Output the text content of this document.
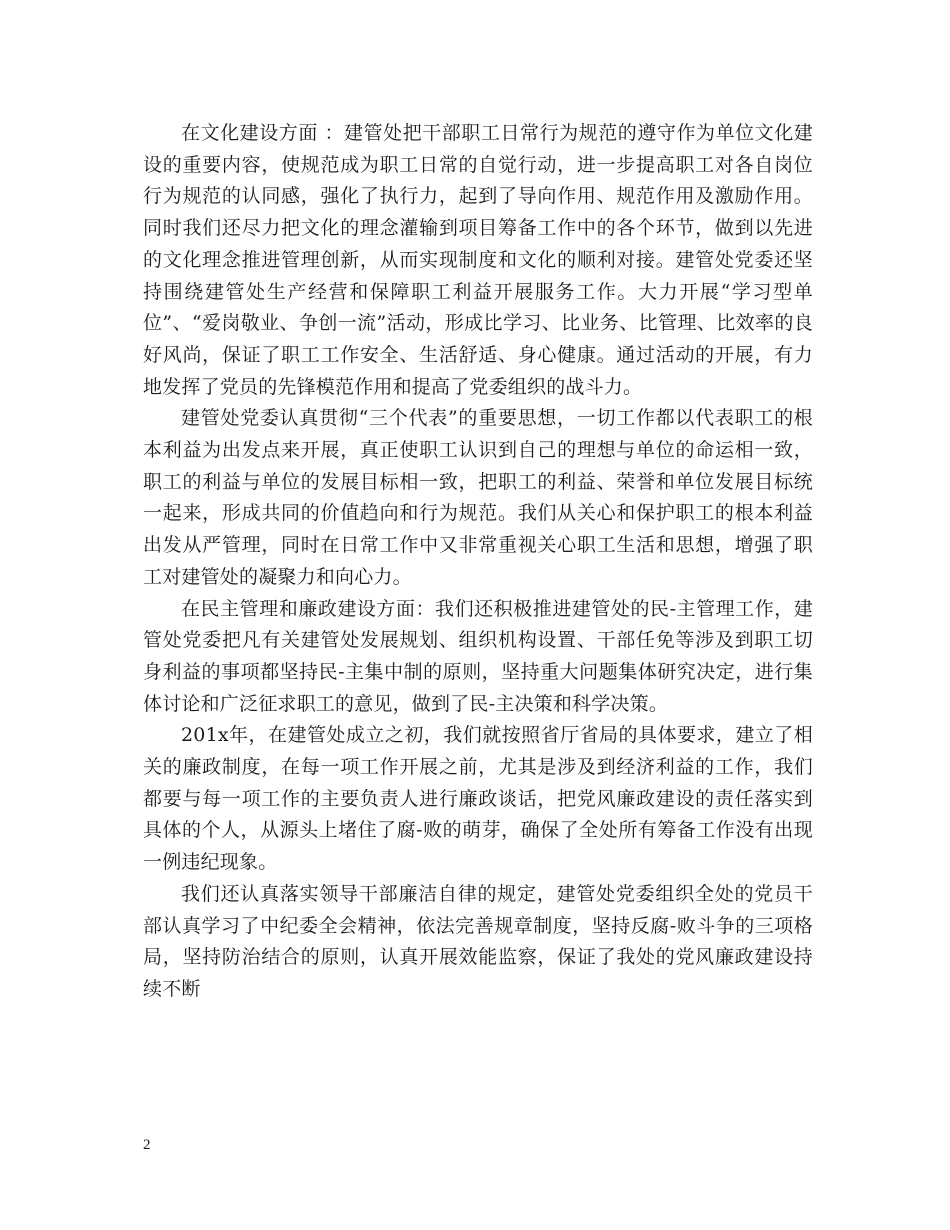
在文化建设方面 ：建管处把干部职工日常行为规范的遵守作为单位文化建设的重要内容，使规范成为职工日常的自觉行动，进一步提高职工对各自岗位行为规范的认同感，强化了执行力，起到了导向作用、规范作用及激励作用。同时我们还尽力把文化的理念灌输到项目筹备工作中的各个环节，做到以先进的文化理念推进管理创新，从而实现制度和文化的顺利对接。建管处党委还坚持围绕建管处生产经营和保障职工利益开展服务工作。大力开展“学习型单位”、“爱岗敬业、争创一流”活动，形成比学习、比业务、比管理、比效率的良好风尚，保证了职工工作安全、生活舒适、身心健康。通过活动的开展，有力地发挥了党员的先锋模范作用和提高了党委组织的战斗力。

建管处党委认真贯彻“三个代表”的重要思想，一切工作都以代表职工的根本利益为出发点来开展，真正使职工认识到自己的理想与单位的命运相一致，职工的利益与单位的发展目标相一致，把职工的利益、荣誉和单位发展目标统一起来，形成共同的价值趋向和行为规范。我们从关心和保护职工的根本利益出发从严管理，同时在日常工作中又非常重视关心职工生活和思想，增强了职工对建管处的凝聚力和向心力。

在民主管理和廉政建设方面：我们还积极推进建管处的民-主管理工作，建管处党委把凡有关建管处发展规划、组织机构设置、干部任免等涉及到职工切身利益的事项都坚持民-主集中制的原则，坚持重大问题集体研究决定，进行集体讨论和广泛征求职工的意见，做到了民-主决策和科学决策。

201x年，在建管处成立之初，我们就按照省厅省局的具体要求，建立了相关的廉政制度，在每一项工作开展之前，尤其是涉及到经济利益的工作，我们都要与每一项工作的主要负责人进行廉政谈话，把党风廉政建设的责任落实到具体的个人，从源头上堵住了腐-败的萌芽，确保了全处所有筹备工作没有出现一例违纪现象。

我们还认真落实领导干部廉洁自律的规定，建管处党委组织全处的党员干部认真学习了中纪委全会精神，依法完善规章制度，坚持反腐-败斗争的三项格局，坚持防治结合的原则，认真开展效能监察，保证了我处的党风廉政建设持续不断

2
